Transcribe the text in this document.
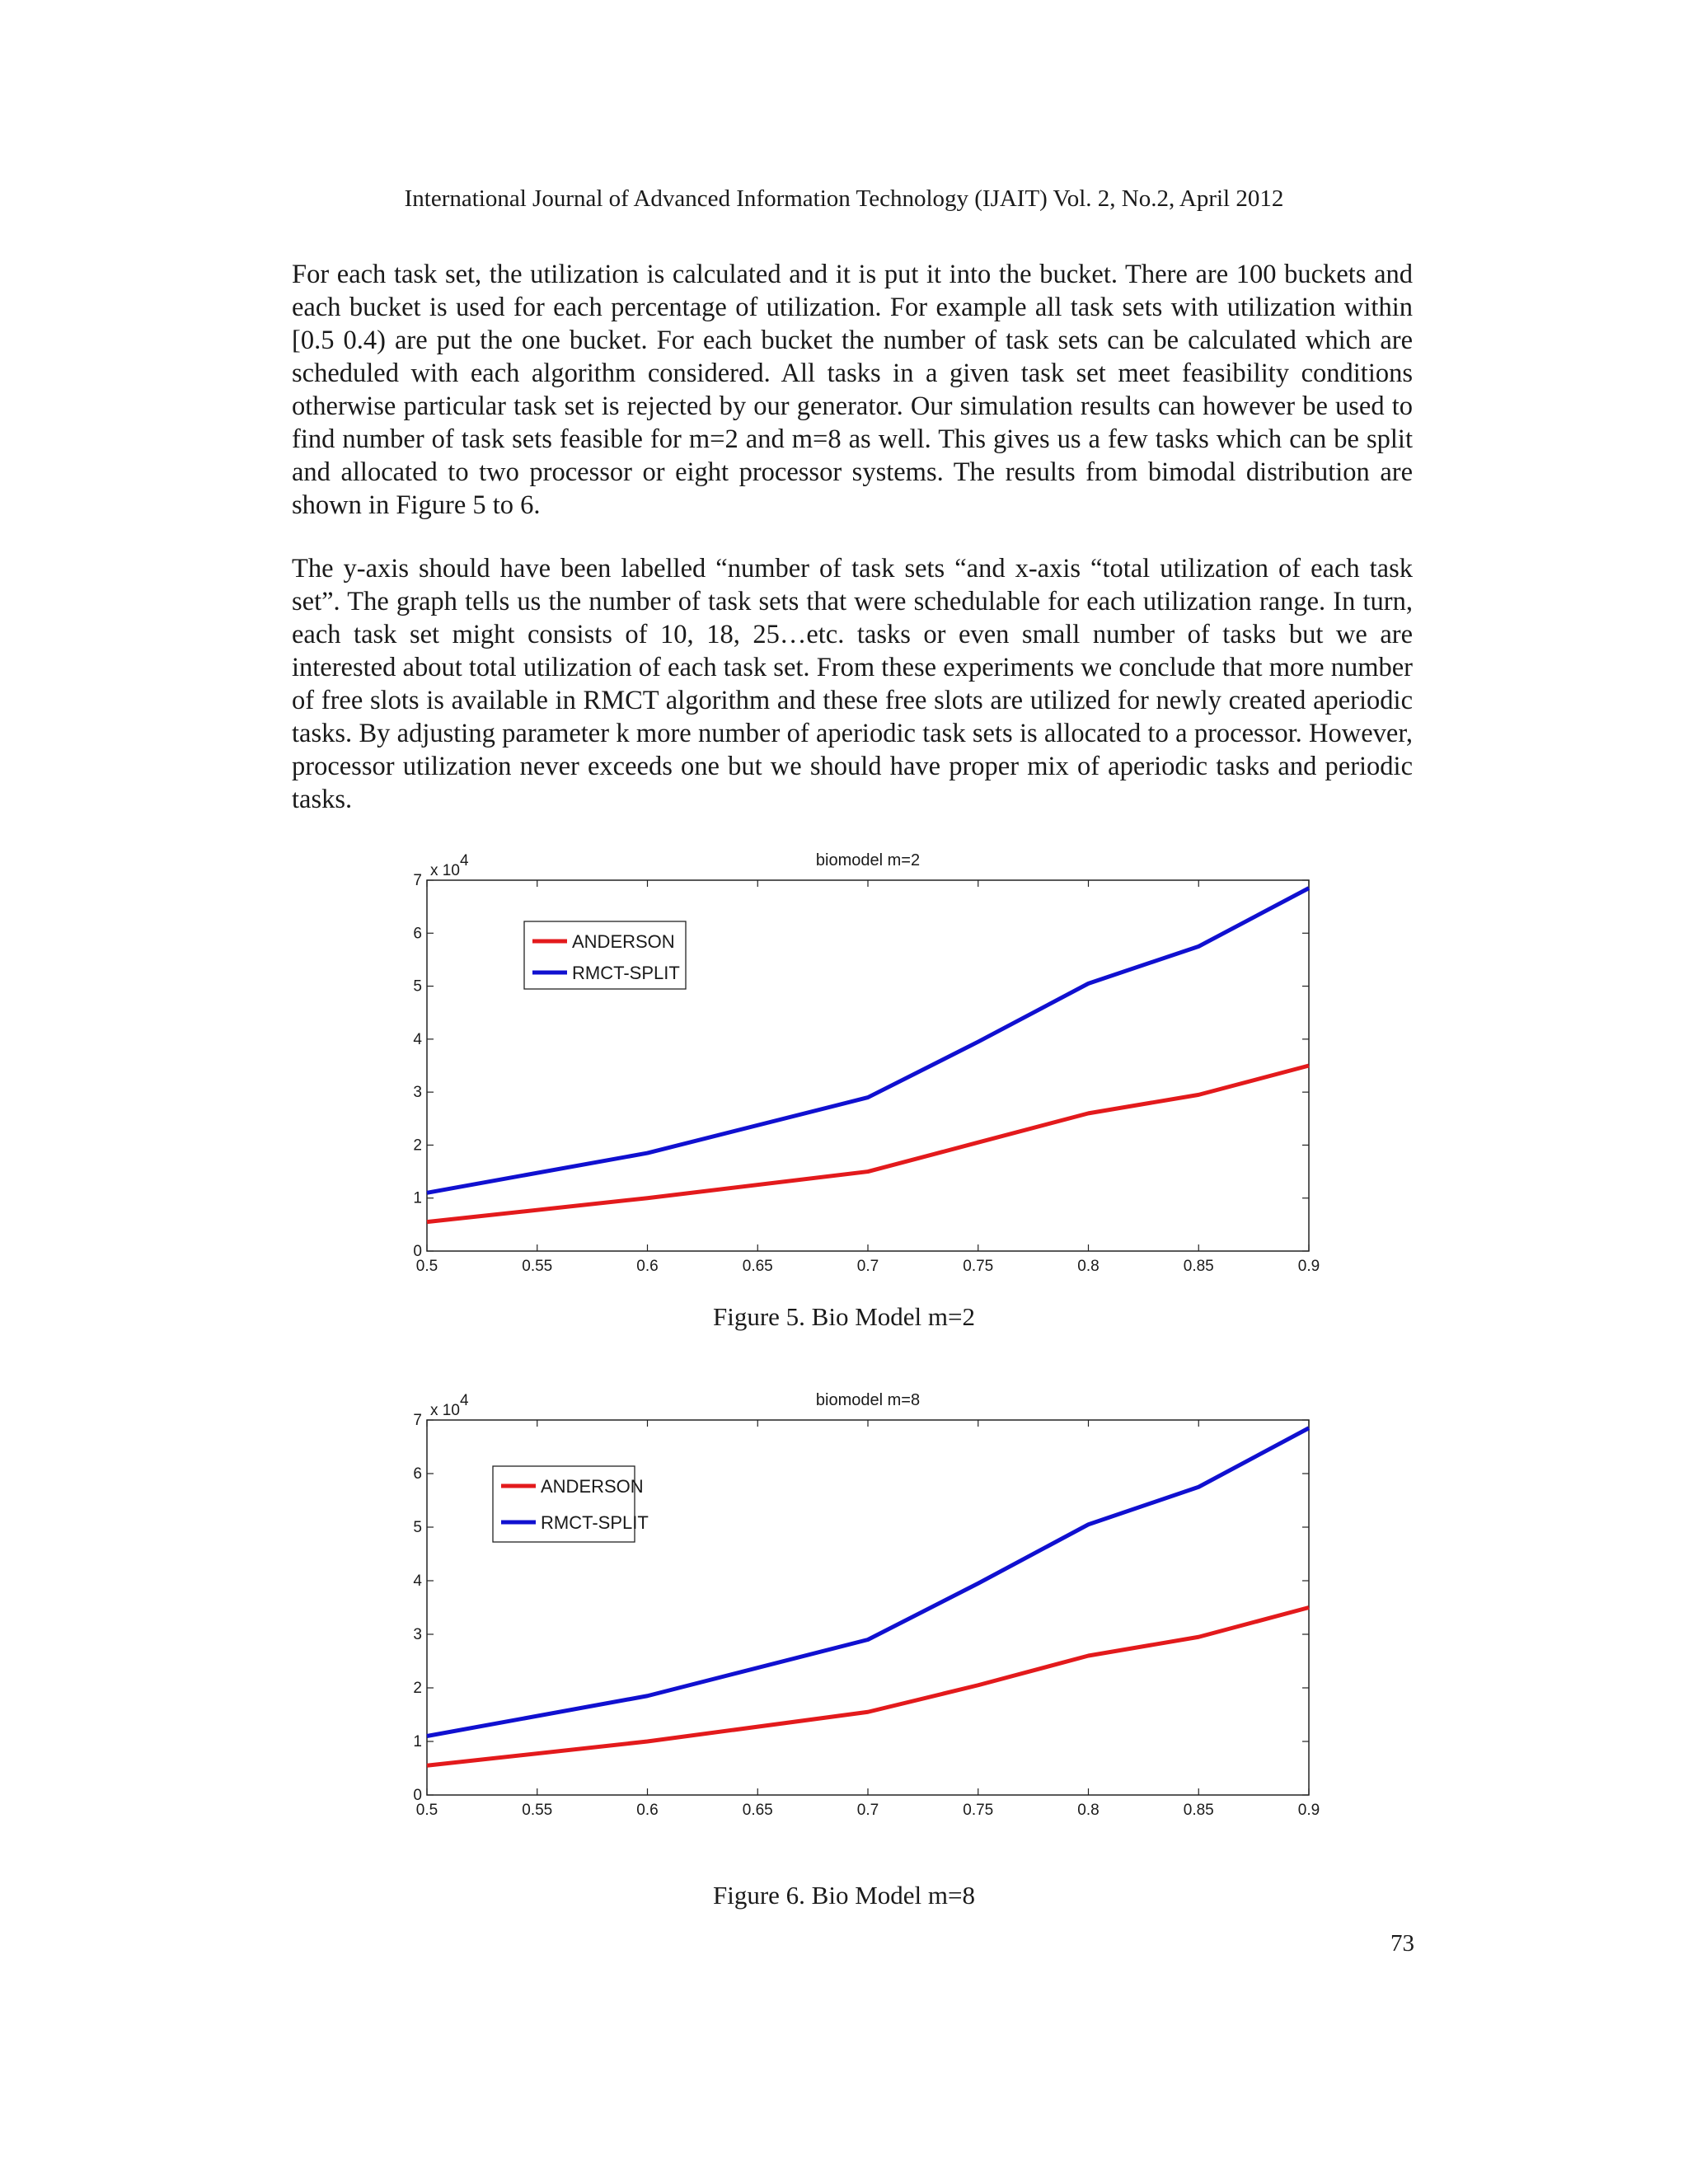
International Journal of Advanced Information Technology (IJAIT) Vol. 2, No.2, April 2012
For each task set, the utilization is calculated and it is put it into the bucket. There are 100 buckets and each bucket is used for each percentage of utilization. For example all task sets with utilization within [0.5 0.4) are put the one bucket. For each bucket the number of task sets can be calculated which are scheduled with each algorithm considered. All tasks in a given task set meet feasibility conditions otherwise particular task set is rejected by our generator. Our simulation results can however be used to find number of task sets feasible for m=2 and m=8 as well. This gives us a few tasks which can be split and allocated to two processor or eight processor systems. The results from bimodal distribution are shown in Figure 5 to 6.
The y-axis should have been labelled “number of task sets “and x-axis “total utilization of each task set”. The graph tells us the number of task sets that were schedulable for each utilization range. In turn, each task set might consists of 10, 18, 25…etc. tasks or even small number of tasks but we are interested about total utilization of each task set. From these experiments we conclude that more number of free slots is available in RMCT algorithm and these free slots are utilized for newly created aperiodic tasks. By adjusting parameter k more number of aperiodic task sets is allocated to a processor. However, processor utilization never exceeds one but we should have proper mix of aperiodic tasks and periodic tasks.
biomodel m=2
0.5	0.55	0.6	0.65	0.7	0.75	0.8	0.85	0.9
0
1
2
3
4
5
6
7
x 10
4
ANDERSON
RMCT-SPLIT
Figure 5. Bio Model m=2
biomodel m=8
0.5	0.55	0.6	0.65	0.7	0.75	0.8	0.85	0.9
0
1
2
3
4
5
6
7
x 10
4
ANDERSON
RMCT-SPLIT
Figure 6. Bio Model m=8
73
